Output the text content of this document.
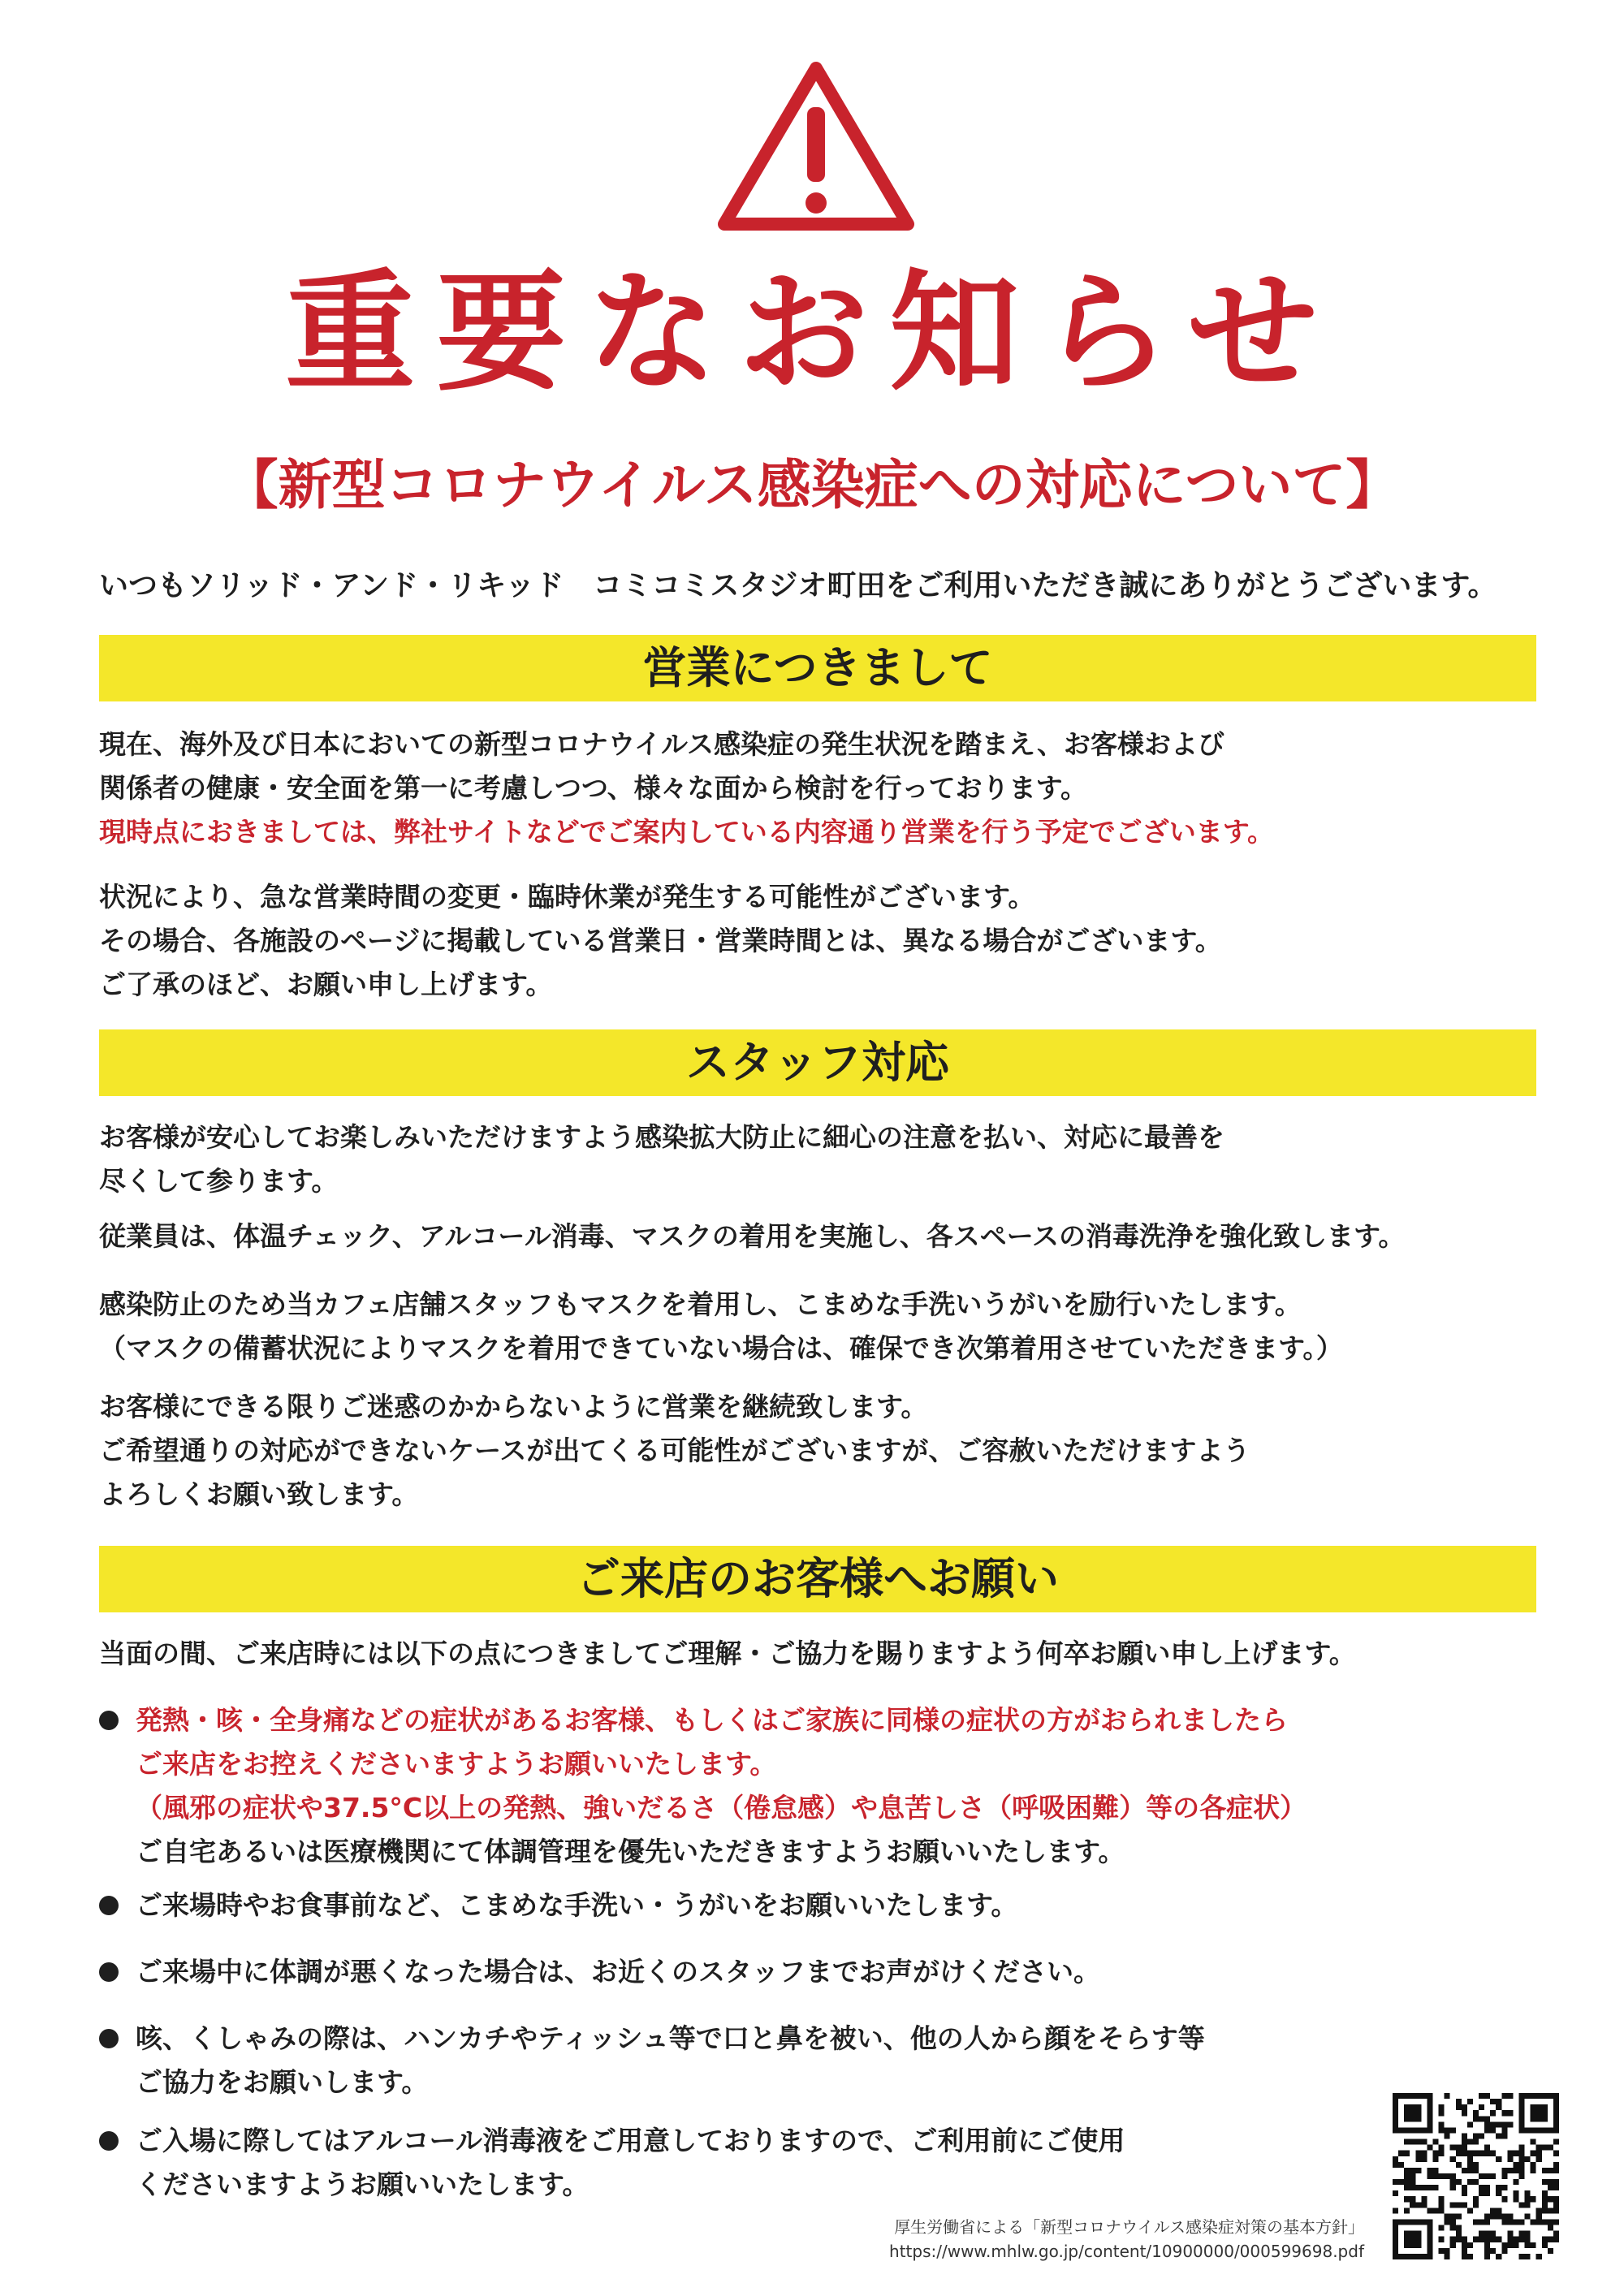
重要なお知らせ
【新型コロナウイルス感染症への対応について】
いつもソリッド・アンド・リキッド　コミコミスタジオ町田をご利用いただき誠にありがとうございます。
営業につきまして
現在、海外及び日本においての新型コロナウイルス感染症の発生状況を踏まえ、お客様および
関係者の健康・安全面を第一に考慮しつつ、様々な面から検討を行っております。
現時点におきましては、弊社サイトなどでご案内している内容通り営業を行う予定でございます。
状況により、急な営業時間の変更・臨時休業が発生する可能性がございます。
その場合、各施設のページに掲載している営業日・営業時間とは、異なる場合がございます。
ご了承のほど、お願い申し上げます。
スタッフ対応
お客様が安心してお楽しみいただけますよう感染拡大防止に細心の注意を払い、対応に最善を
尽くして参ります。
従業員は、体温チェック、アルコール消毒、マスクの着用を実施し、各スペースの消毒洗浄を強化致します。
感染防止のため当カフェ店舗スタッフもマスクを着用し、こまめな手洗いうがいを励行いたします。
（マスクの備蓄状況によりマスクを着用できていない場合は、確保でき次第着用させていただきます。）
お客様にできる限りご迷惑のかからないように営業を継続致します。
ご希望通りの対応ができないケースが出てくる可能性がございますが、ご容赦いただけますよう
よろしくお願い致します。
ご来店のお客様へお願い
当面の間、ご来店時には以下の点につきましてご理解・ご協力を賜りますよう何卒お願い申し上げます。
発熱・咳・全身痛などの症状があるお客様、もしくはご家族に同様の症状の方がおられましたら
ご来店をお控えくださいますようお願いいたします。
（風邪の症状や37.5°C以上の発熱、強いだるさ（倦怠感）や息苦しさ（呼吸困難）等の各症状）
ご自宅あるいは医療機関にて体調管理を優先いただきますようお願いいたします。
ご来場時やお食事前など、こまめな手洗い・うがいをお願いいたします。
ご来場中に体調が悪くなった場合は、お近くのスタッフまでお声がけください。
咳、くしゃみの際は、ハンカチやティッシュ等で口と鼻を被い、他の人から顔をそらす等
ご協力をお願いします。
ご入場に際してはアルコール消毒液をご用意しておりますので、ご利用前にご使用
くださいますようお願いいたします。
厚生労働省による「新型コロナウイルス感染症対策の基本方針」
https://www.mhlw.go.jp/content/10900000/000599698.pdf
